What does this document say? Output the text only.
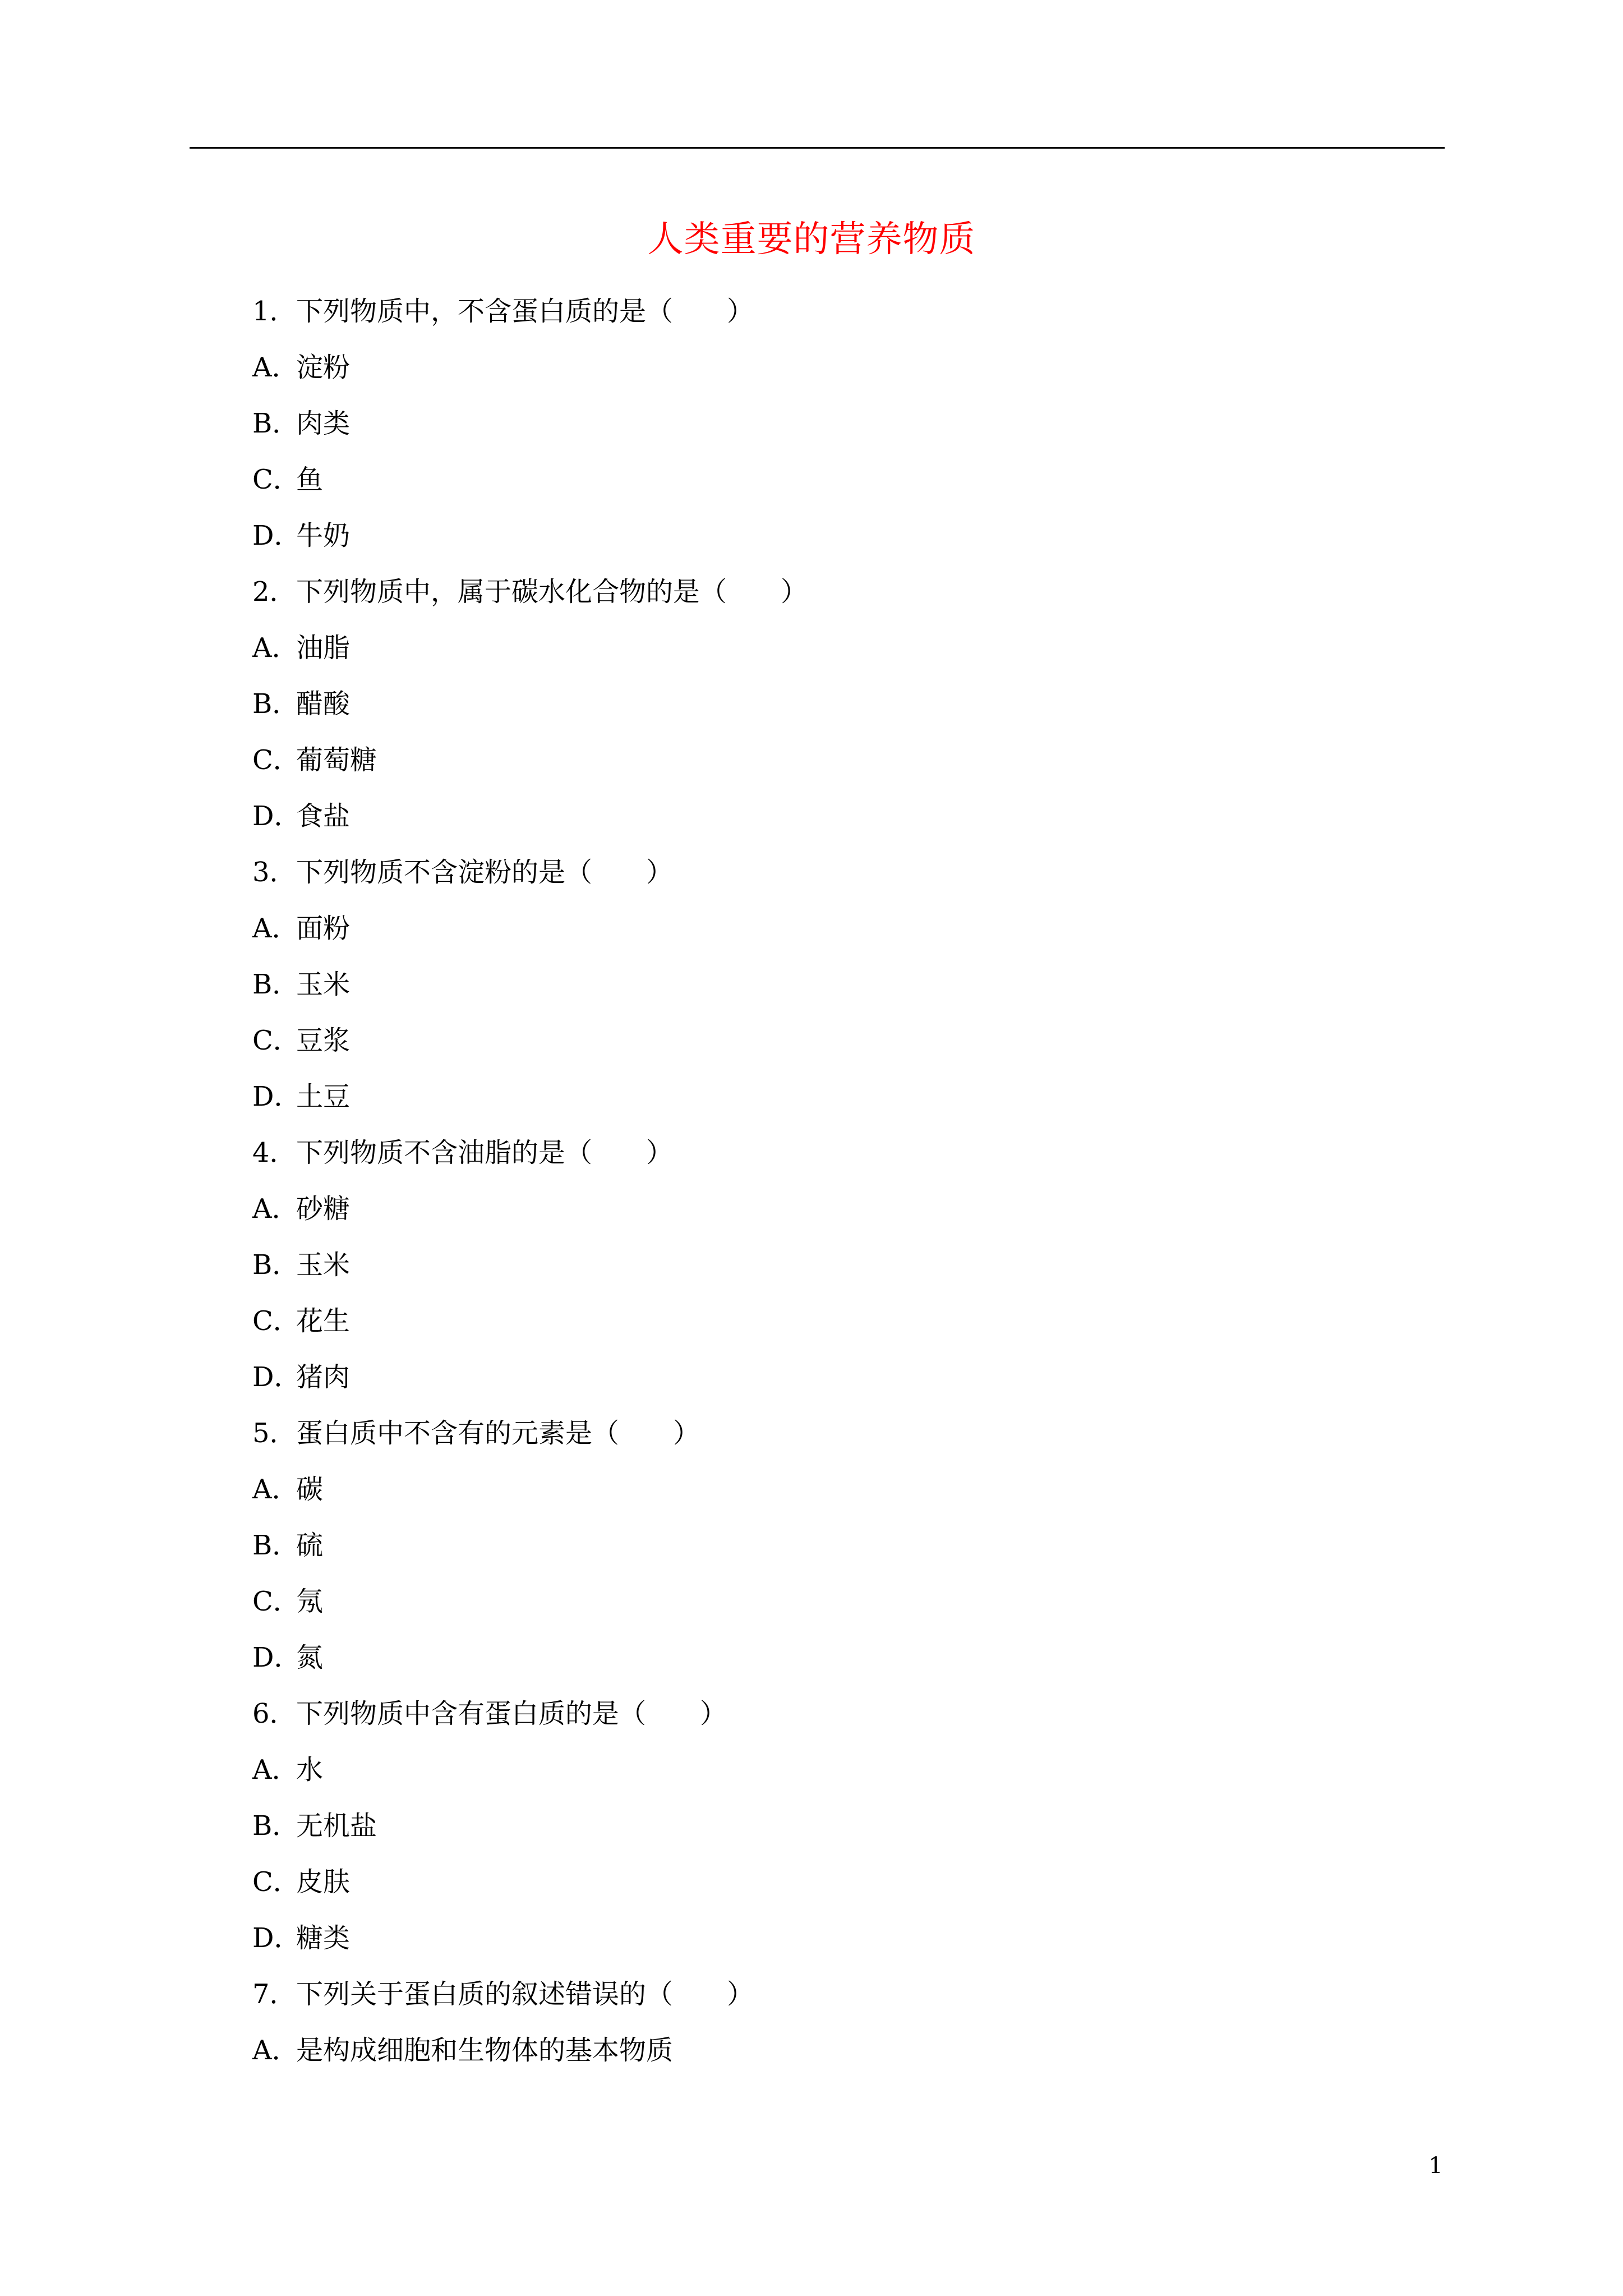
人类重要的营养物质
1． 下列物质中，不含蛋白质的是（　　）
A．
淀粉
B．
肉类
C．
鱼
D．
牛奶
2． 下列物质中，属于碳水化合物的是（　　）
A．
油脂
B．
醋酸
C．
葡萄糖
D．
食盐
3． 下列物质不含淀粉的是（　　）
A．
面粉
B．
玉米
C．
豆浆
D．
土豆
4． 下列物质不含油脂的是（　　）
A．
砂糖
B．
玉米
C．
花生
D．
猪肉
5． 蛋白质中不含有的元素是（　　）
A．
碳
B．
硫
C．
氖
D．
氮
6． 下列物质中含有蛋白质的是（　　）
A．
水
B．
无机盐
C．
皮肤
D．
糖类
7． 下列关于蛋白质的叙述错误的（　　）
A．
是构成细胞和生物体的基本物质
1
